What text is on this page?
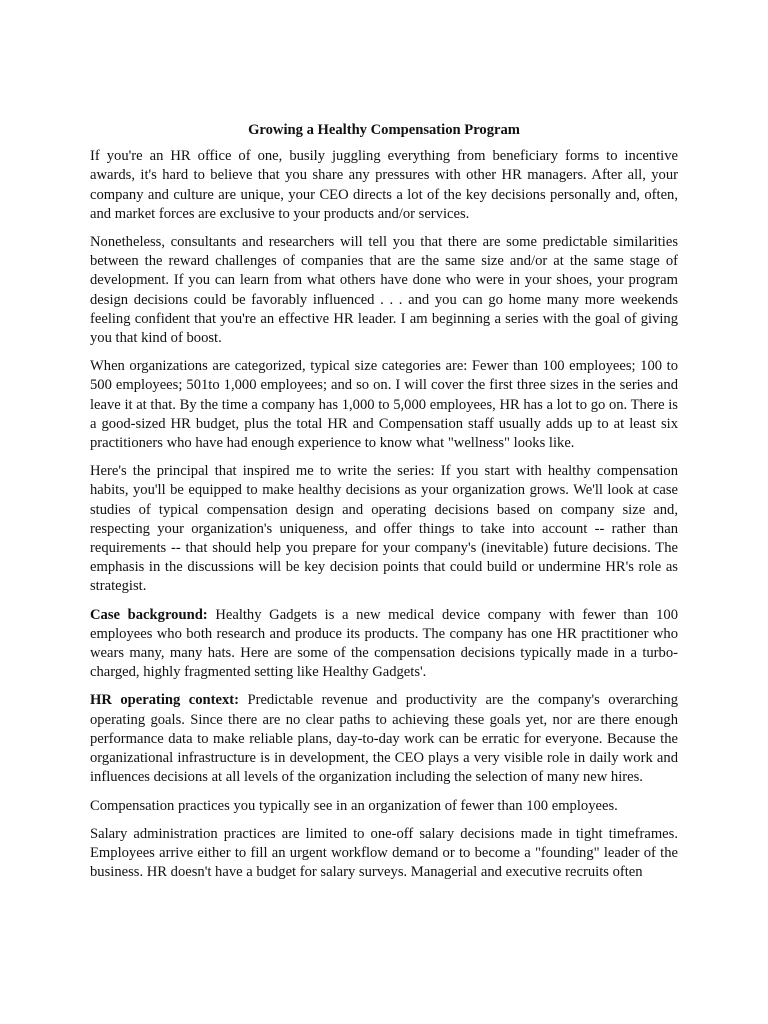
Growing a Healthy Compensation Program

If you're an HR office of one, busily juggling everything from beneficiary forms to incentive awards, it's hard to believe that you share any pressures with other HR managers. After all, your company and culture are unique, your CEO directs a lot of the key decisions personally and, often, and market forces are exclusive to your products and/or services.

Nonetheless, consultants and researchers will tell you that there are some predictable similarities between the reward challenges of companies that are the same size and/or at the same stage of development. If you can learn from what others have done who were in your shoes, your program design decisions could be favorably influenced . . . and you can go home many more weekends feeling confident that you're an effective HR leader. I am beginning a series with the goal of giving you that kind of boost.

When organizations are categorized, typical size categories are: Fewer than 100 employees; 100 to 500 employees; 501to 1,000 employees; and so on. I will cover the first three sizes in the series and leave it at that. By the time a company has 1,000 to 5,000 employees, HR has a lot to go on. There is a good-sized HR budget, plus the total HR and Compensation staff usually adds up to at least six practitioners who have had enough experience to know what "wellness" looks like.

Here's the principal that inspired me to write the series: If you start with healthy compensation habits, you'll be equipped to make healthy decisions as your organization grows. We'll look at case studies of typical compensation design and operating decisions based on company size and, respecting your organization's uniqueness, and offer things to take into account -- rather than requirements -- that should help you prepare for your company's (inevitable) future decisions. The emphasis in the discussions will be key decision points that could build or undermine HR's role as strategist.

Case background: Healthy Gadgets is a new medical device company with fewer than 100 employees who both research and produce its products. The company has one HR practitioner who wears many, many hats. Here are some of the compensation decisions typically made in a turbo-charged, highly fragmented setting like Healthy Gadgets'.

HR operating context: Predictable revenue and productivity are the company's overarching operating goals. Since there are no clear paths to achieving these goals yet, nor are there enough performance data to make reliable plans, day-to-day work can be erratic for everyone. Because the organizational infrastructure is in development, the CEO plays a very visible role in daily work and influences decisions at all levels of the organization including the selection of many new hires.

Compensation practices you typically see in an organization of fewer than 100 employees.

Salary administration practices are limited to one-off salary decisions made in tight timeframes. Employees arrive either to fill an urgent workflow demand or to become a "founding" leader of the business. HR doesn't have a budget for salary surveys. Managerial and executive recruits often
